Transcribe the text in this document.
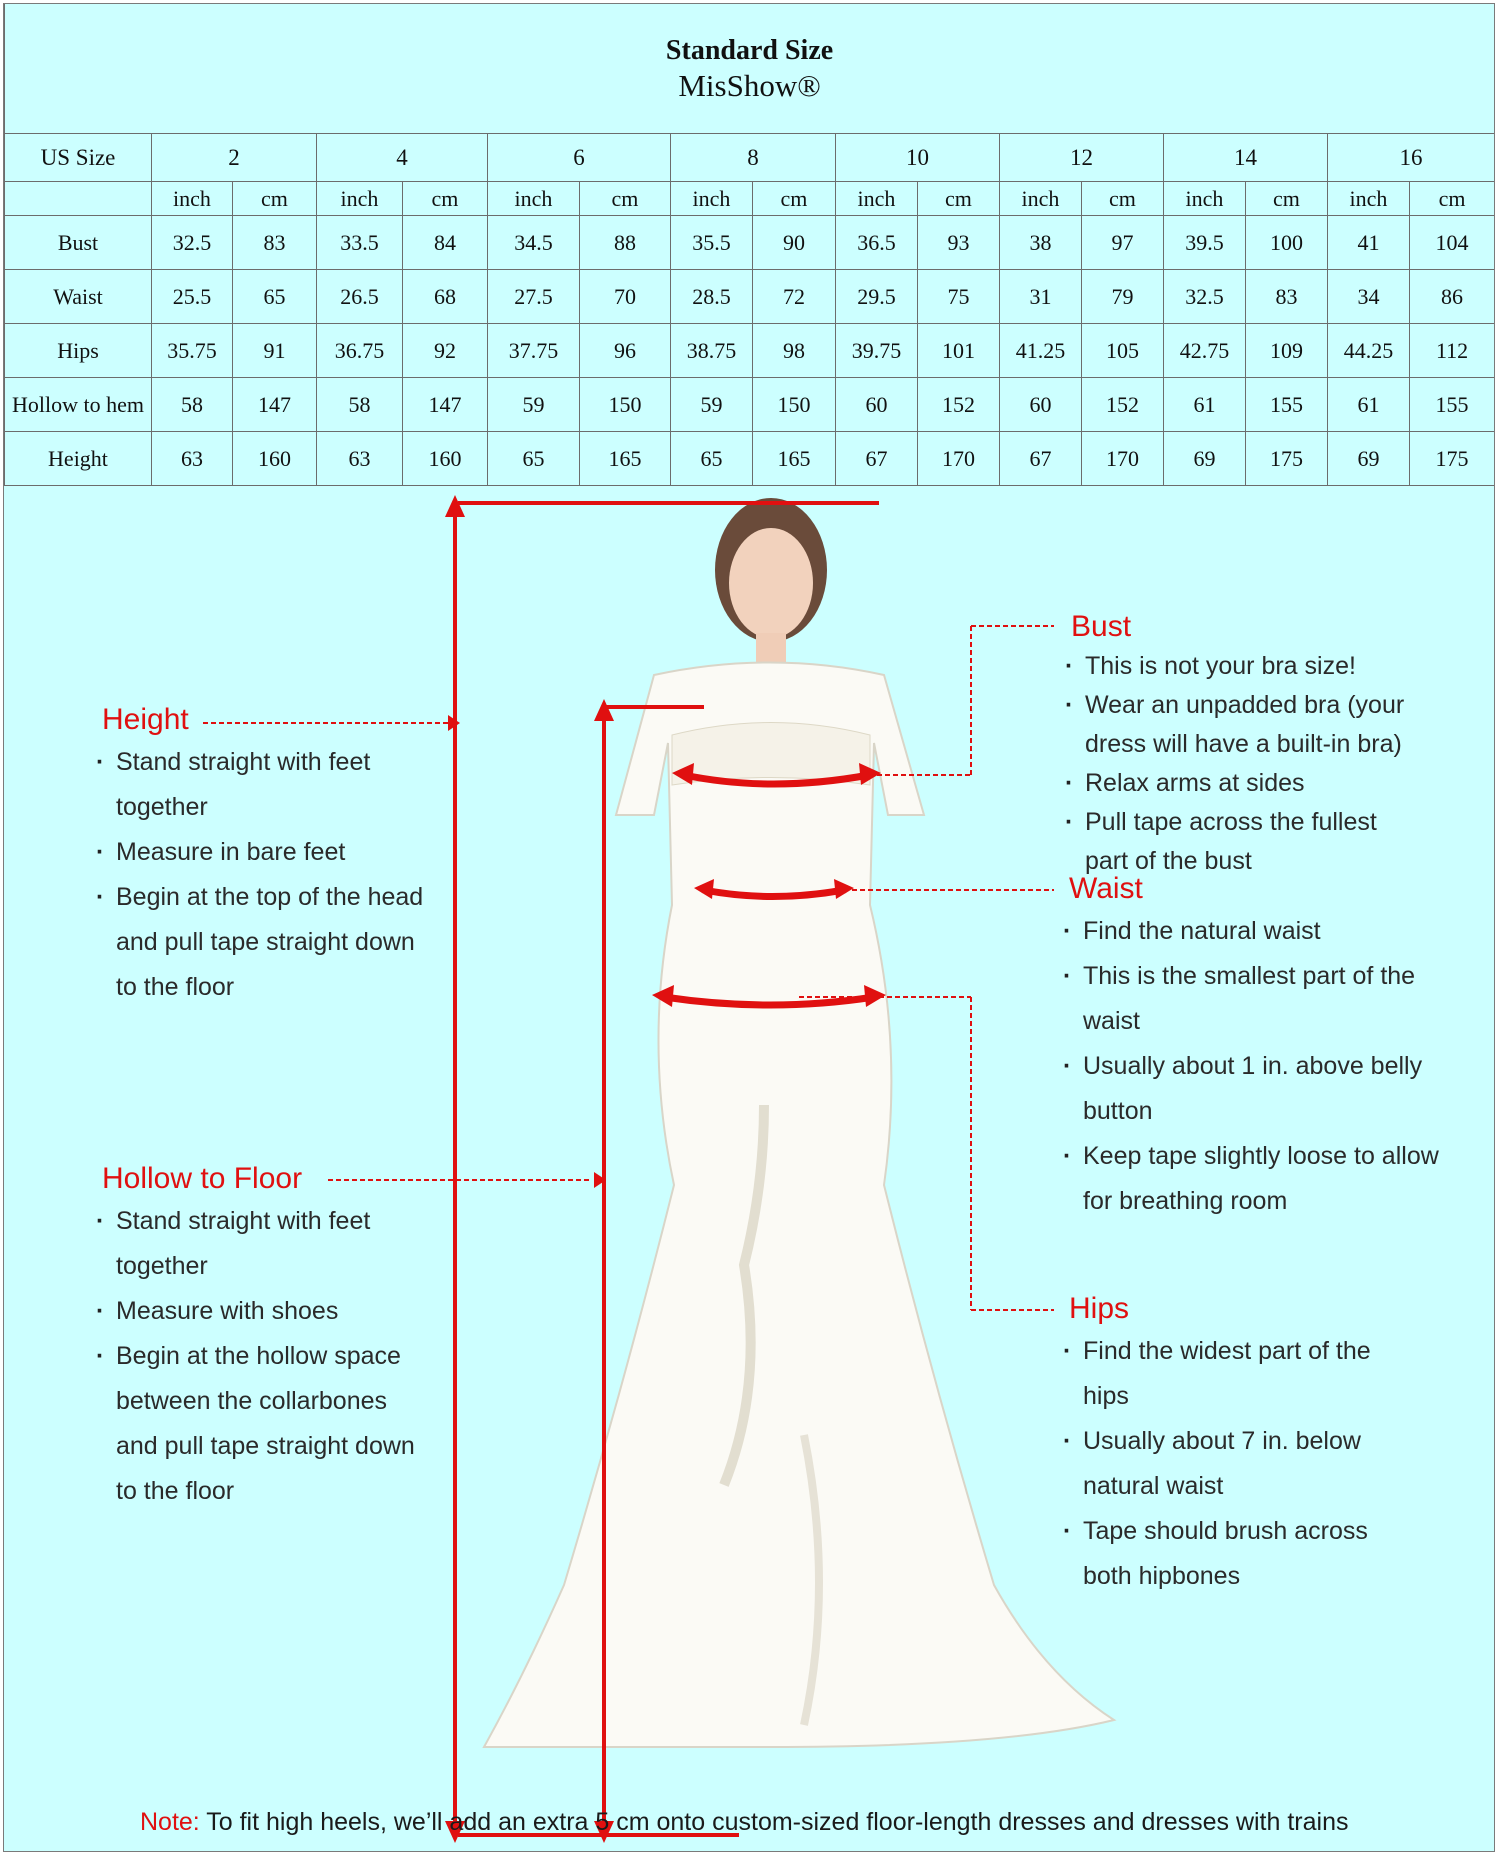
Standard Size
MisShow®																

US Size	2		4		6		8		10		12		14		16	
	inch	cm	inch	cm	inch	cm	inch	cm	inch	cm	inch	cm	inch	cm	inch	cm
Bust	32.5	83	33.5	84	34.5	88	35.5	90	36.5	93	38	97	39.5	100	41	104
Waist	25.5	65	26.5	68	27.5	70	28.5	72	29.5	75	31	79	32.5	83	34	86
Hips	35.75	91	36.75	92	37.75	96	38.75	98	39.75	101	41.25	105	42.75	109	44.25	112
Hollow to hem	58	147	58	147	59	150	59	150	60	152	60	152	61	155	61	155
Height	63	160	63	160	65	165	65	165	67	170	67	170	69	175	69	175
Height
· Stand straight with feet
together
· Measure in bare feet
· Begin at the top of the head
and pull tape straight down
to the floor
Hollow to Floor
· Stand straight with feet
together
· Measure with shoes
· Begin at the hollow space
between the collarbones
and pull tape straight down
to the floor
Bust
· This is not your bra size!
· Wear an unpadded bra (your
dress will have a built-in bra)
· Relax arms at sides
· Pull tape across the fullest
part of the bust
Waist
· Find the natural waist
· This is the smallest part of the
waist
· Usually about 1 in. above belly
button
· Keep tape slightly loose to allow
for breathing room
Hips
· Find the widest part of the
hips
· Usually about 7 in. below
natural waist
· Tape should brush across
both hipbones
Note: To fit high heels, we’ll add an extra 5 cm onto custom-sized floor-length dresses and dresses with trains
